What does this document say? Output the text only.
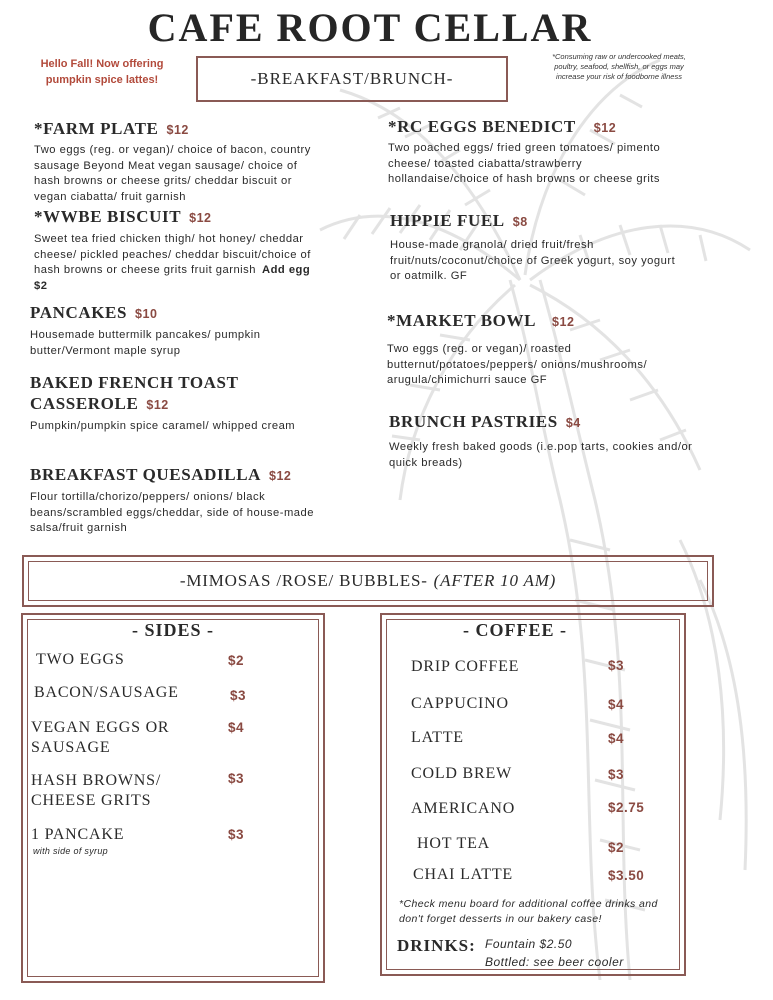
CAFE ROOT CELLAR
Hello Fall! Now offering pumpkin spice lattes!
*Consuming raw or undercooked meats, poultry, seafood, shellfish, or eggs may increase your risk of foodborne illness
-BREAKFAST/BRUNCH-
*FARM PLATE $12
Two eggs (reg. or vegan)/ choice of bacon, country sausage Beyond Meat vegan sausage/ choice of hash browns or cheese grits/ cheddar biscuit or vegan ciabatta/ fruit garnish
*WWBE BISCUIT $12
Sweet tea fried chicken thigh/ hot honey/ cheddar cheese/ pickled peaches/ cheddar biscuit/choice of hash browns or cheese grits fruit garnish Add egg $2
PANCAKES $10
Housemade buttermilk pancakes/ pumpkin butter/Vermont maple syrup
BAKED FRENCH TOAST
CASSEROLE $12
Pumpkin/pumpkin spice caramel/ whipped cream
BREAKFAST QUESADILLA $12
Flour tortilla/chorizo/peppers/ onions/ black beans/scrambled eggs/cheddar, side of house-made salsa/fruit garnish
*RC EGGS BENEDICT $12
Two poached eggs/ fried green tomatoes/ pimento cheese/ toasted ciabatta/strawberry hollandaise/choice of hash browns or cheese grits
HIPPIE FUEL $8
House-made granola/ dried fruit/fresh fruit/nuts/coconut/choice of Greek yogurt, soy yogurt or oatmilk. GF
*MARKET BOWL $12
Two eggs (reg. or vegan)/ roasted butternut/potatoes/peppers/ onions/mushrooms/ arugula/chimichurri sauce GF
BRUNCH PASTRIES $4
Weekly fresh baked goods (i.e.pop tarts, cookies and/or quick breads)
-MIMOSAS /ROSE/ BUBBLES- (AFTER 10 AM)
- SIDES -
TWO EGGS	$2
BACON/SAUSAGE	$3
VEGAN EGGS OR
SAUSAGE
$4
HASH BROWNS/
CHEESE GRITS
$3
1 PANCAKE
with side of syrup
$3
- COFFEE -
DRIP COFFEE	$3
CAPPUCINO	$4
LATTE	$4
COLD BREW	$3
AMERICANO	$2.75
HOT TEA	$2
CHAI LATTE	$3.50
*Check menu board for additional coffee drinks and don't forget desserts in our bakery case!
DRINKS: Fountain $2.50
Bottled: see beer cooler
